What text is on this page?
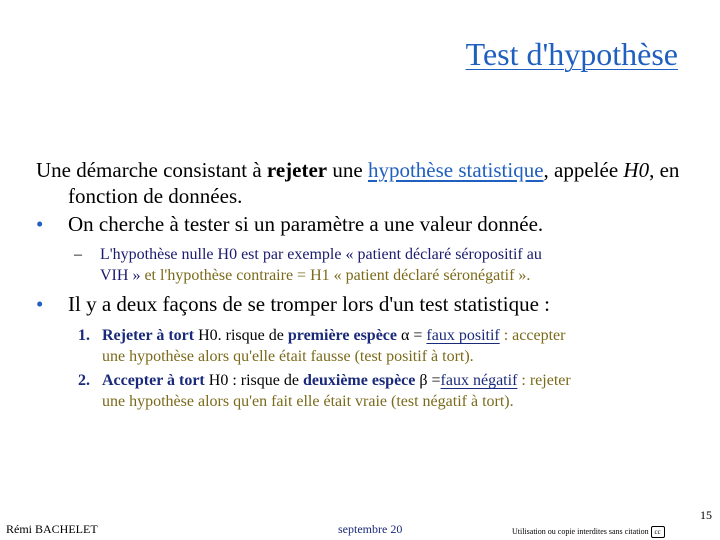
Test d'hypothèse
Une démarche consistant à rejeter une hypothèse statistique, appelée H0, en fonction de données.
• On cherche à tester si un paramètre a une valeur donnée.
– L'hypothèse nulle H0 est par exemple « patient déclaré séropositif au
VIH » et l'hypothèse contraire = H1 « patient déclaré séronégatif ».
• Il y a deux façons de se tromper lors d'un test statistique :
1. Rejeter à tort H0. risque de première espèce α = faux positif : accepter
une hypothèse alors qu'elle était fausse (test positif à tort).
2. Accepter à tort H0 : risque de deuxième espèce β =faux négatif : rejeter
une hypothèse alors qu'en fait elle était vraie (test négatif à tort).
15
Rémi BACHELET	septembre 20	Utilisation ou copie interdites sans citation cc
